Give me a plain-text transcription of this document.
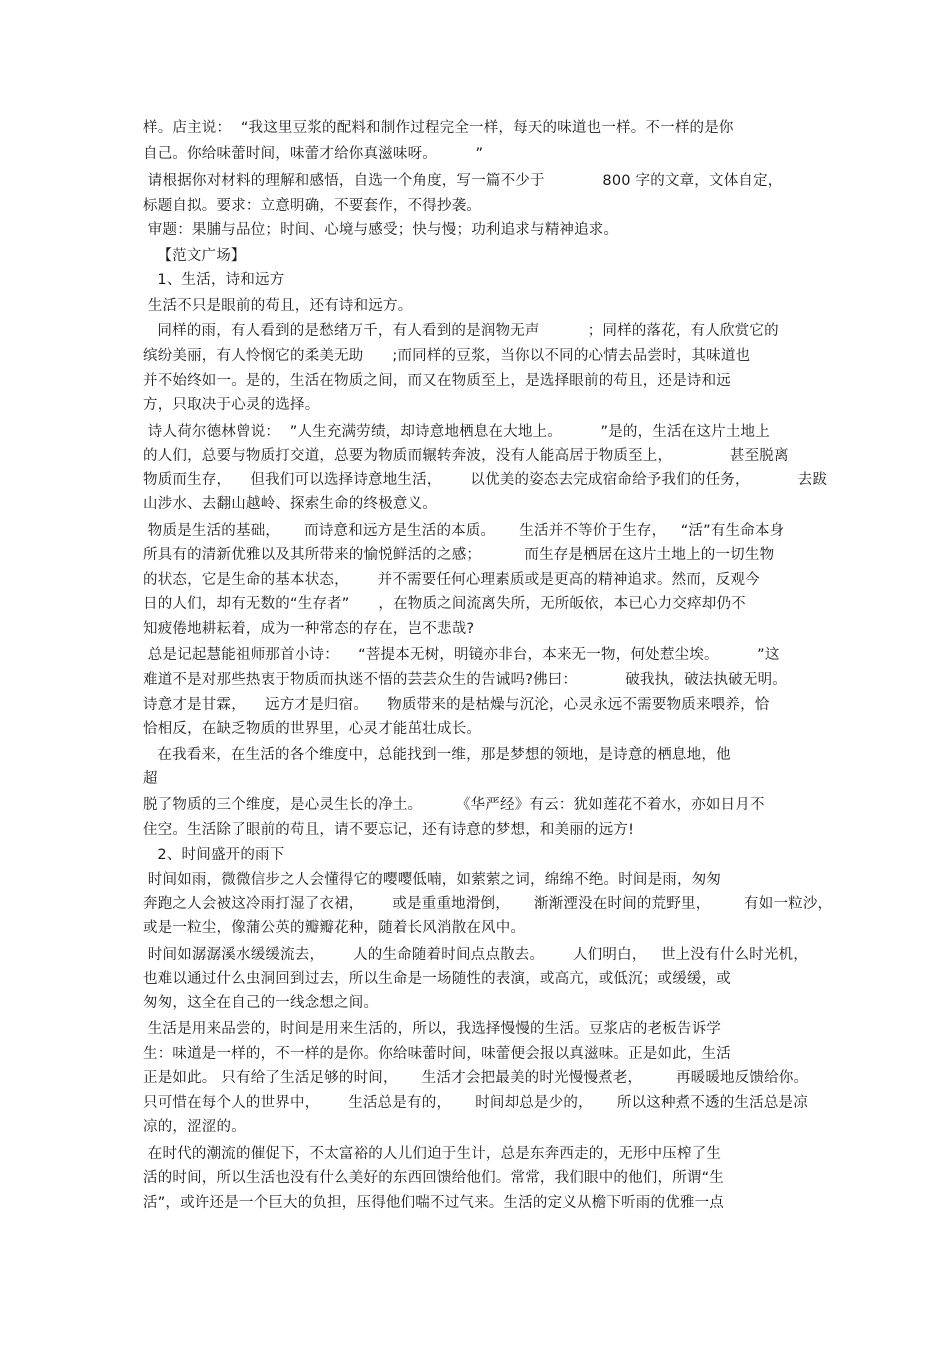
样。店主说：  “我这里豆浆的配料和制作过程完全一样，每天的味道也一样。不一样的是你
自己。你给味蕾时间，味蕾才给你真滋味呀。        ”
请根据你对材料的理解和感悟，自选一个角度，写一篇不少于            800 字的文章，文体自定，
标题自拟。要求：立意明确，不要套作，不得抄袭。
审题：果脯与品位；时间、心境与感受；快与慢；功利追求与精神追求。
【范文广场】
1、生活，诗和远方
生活不只是眼前的苟且，还有诗和远方。
同样的雨，有人看到的是愁绪万千，有人看到的是润物无声          ；同样的落花，有人欣赏它的
缤纷美丽，有人怜悯它的柔美无助      ;而同样的豆浆，当你以不同的心情去品尝时，其味道也
并不始终如一。是的，生活在物质之间，而又在物质至上，是选择眼前的苟且，还是诗和远
方，只取决于心灵的选择。
诗人荷尔德林曾说：  ”人生充满劳绩，却诗意地栖息在大地上。        ”是的，生活在这片土地上
的人们，总要与物质打交道，总要为物质而辗转奔波，没有人能高居于物质至上，            甚至脱离
物质而生存，    但我们可以选择诗意地生活，      以优美的姿态去完成宿命给予我们的任务，          去跋
山涉水、去翻山越岭、探索生命的终极意义。
物质是生活的基础，     而诗意和远方是生活的本质。     生活并不等价于生存，   “活”有生命本身
所具有的清新优雅以及其所带来的愉悦鲜活的之感；         而生存是栖居在这片土地上的一切生物
的状态，它是生命的基本状态，      并不需要任何心理素质或是更高的精神追求。然而，反观今
日的人们，却有无数的“生存者”      ，在物质之间流离失所，无所皈依，本已心力交瘁却仍不
知疲倦地耕耘着，成为一种常态的存在，岂不悲哉?
总是记起慧能祖师那首小诗：    “菩提本无树，明镜亦非台，本来无一物，何处惹尘埃。        ”这
难道不是对那些热衷于物质而执迷不悟的芸芸众生的告诫吗?佛曰：          破我执，破法执破无明。
诗意才是甘霖，    远方才是归宿。    物质带来的是枯燥与沉沦，心灵永远不需要物质来喂养，恰
恰相反，在缺乏物质的世界里，心灵才能茁壮成长。
在我看来，在生活的各个维度中，总能找到一维，那是梦想的领地，是诗意的栖息地，他
超
脱了物质的三个维度，是心灵生长的净土。       《华严经》有云：犹如莲花不着水，亦如日月不
住空。生活除了眼前的苟且，请不要忘记，还有诗意的梦想，和美丽的远方!
2、时间盛开的雨下
时间如雨，微微信步之人会懂得它的嘤嘤低喃，如萦萦之词，绵绵不绝。时间是雨，匆匆
奔跑之人会被这冷雨打湿了衣裙，      或是重重地滑倒，     渐渐湮没在时间的荒野里，       有如一粒沙，
或是一粒尘，像蒲公英的瓣瓣花种，随着长风消散在风中。
时间如潺潺溪水缓缓流去，      人的生命随着时间点点散去。      人们明白，   世上没有什么时光机，
也难以通过什么虫洞回到过去，所以生命是一场随性的表演，或高亢，或低沉；或缓缓，或
匆匆，这全在自己的一线念想之间。
生活是用来品尝的，时间是用来生活的，所以，我选择慢慢的生活。豆浆店的老板告诉学
生：味道是一样的，不一样的是你。你给味蕾时间，味蕾便会报以真滋味。正是如此，生活
正是如此。 只有给了生活足够的时间，     生活才会把最美的时光慢慢煮老，       再暖暖地反馈给你。
只可惜在每个人的世界中，      生活总是有的，     时间却总是少的，     所以这种煮不透的生活总是凉
凉的，涩涩的。
在时代的潮流的催促下，不太富裕的人儿们迫于生计，总是东奔西走的，无形中压榨了生
活的时间，所以生活也没有什么美好的东西回馈给他们。常常，我们眼中的他们，所谓“生
活”，或许还是一个巨大的负担，压得他们喘不过气来。生活的定义从檐下听雨的优雅一点
